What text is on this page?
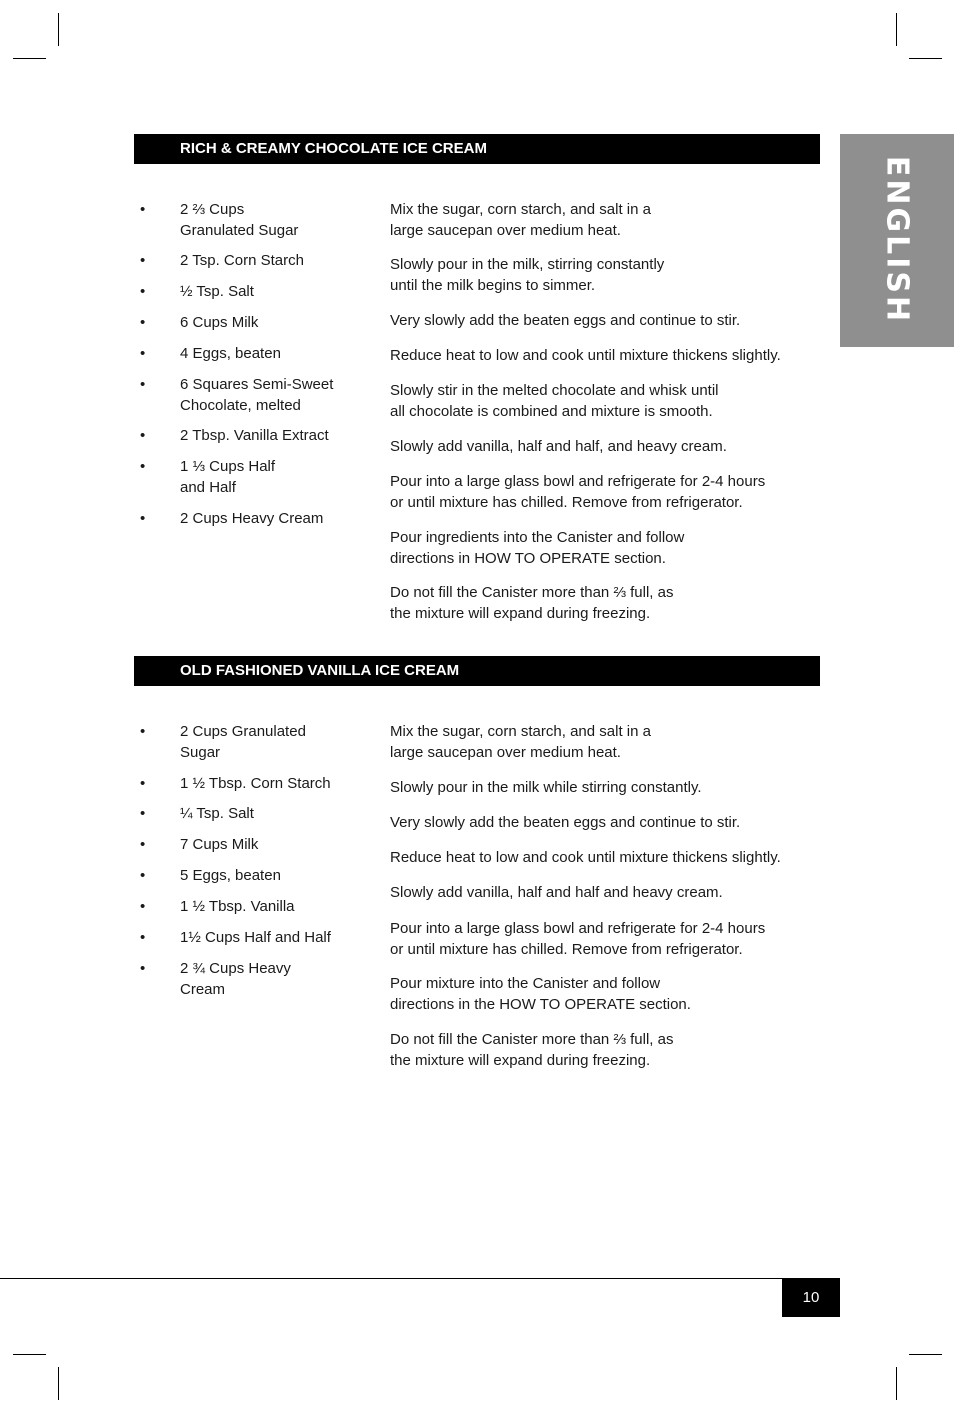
ENGLISH
RICH & CREAMY CHOCOLATE ICE CREAM
• 2 ⅔ Cups
Granulated Sugar
• 2 Tsp. Corn Starch
• ½ Tsp. Salt
• 6 Cups Milk
• 4 Eggs, beaten
• 6 Squares Semi-Sweet
Chocolate, melted
• 2 Tbsp. Vanilla Extract
• 1 ⅓ Cups Half
and Half
• 2 Cups Heavy Cream

Mix the sugar, corn starch, and salt in a
large saucepan over medium heat.

Slowly pour in the milk, stirring constantly
until the milk begins to simmer.

Very slowly add the beaten eggs and continue to stir.

Reduce heat to low and cook until mixture thickens slightly.

Slowly stir in the melted chocolate and whisk until
all chocolate is combined and mixture is smooth.

Slowly add vanilla, half and half, and heavy cream.

Pour into a large glass bowl and refrigerate for 2-4 hours
or until mixture has chilled. Remove from refrigerator.

Pour ingredients into the Canister and follow
directions in HOW TO OPERATE section.

Do not fill the Canister more than ⅔ full, as
the mixture will expand during freezing.

OLD FASHIONED VANILLA ICE CREAM
• 2 Cups Granulated
Sugar
• 1 ½ Tbsp. Corn Starch
• ¼ Tsp. Salt
• 7 Cups Milk
• 5 Eggs, beaten
• 1 ½ Tbsp. Vanilla
• 1½ Cups Half and Half
• 2 ¾ Cups Heavy
Cream

Mix the sugar, corn starch, and salt in a
large saucepan over medium heat.

Slowly pour in the milk while stirring constantly.

Very slowly add the beaten eggs and continue to stir.

Reduce heat to low and cook until mixture thickens slightly.

Slowly add vanilla, half and half and heavy cream.

Pour into a large glass bowl and refrigerate for 2-4 hours
or until mixture has chilled. Remove from refrigerator.

Pour mixture into the Canister and follow
directions in the HOW TO OPERATE section.

Do not fill the Canister more than ⅔ full, as
the mixture will expand during freezing.

10
